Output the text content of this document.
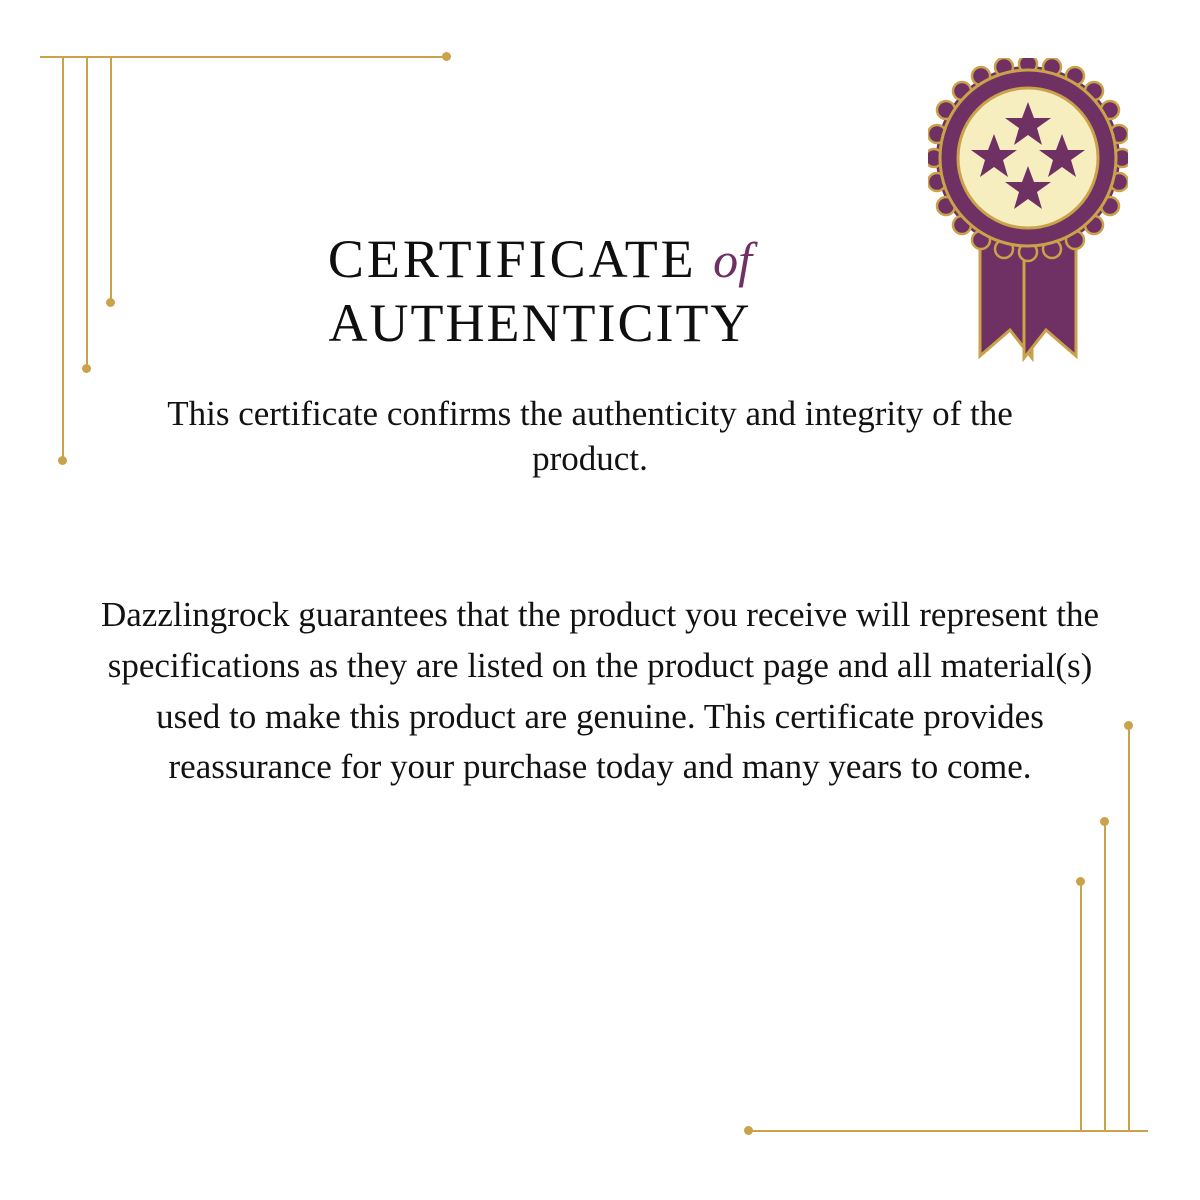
CERTIFICATE of
AUTHENTICITY
This certificate confirms the authenticity and integrity of the product.

Dazzlingrock guarantees that the product you receive will represent the specifications as they are listed on the product page and all material(s) used to make this product are genuine. This certificate provides reassurance for your purchase today and many years to come.
